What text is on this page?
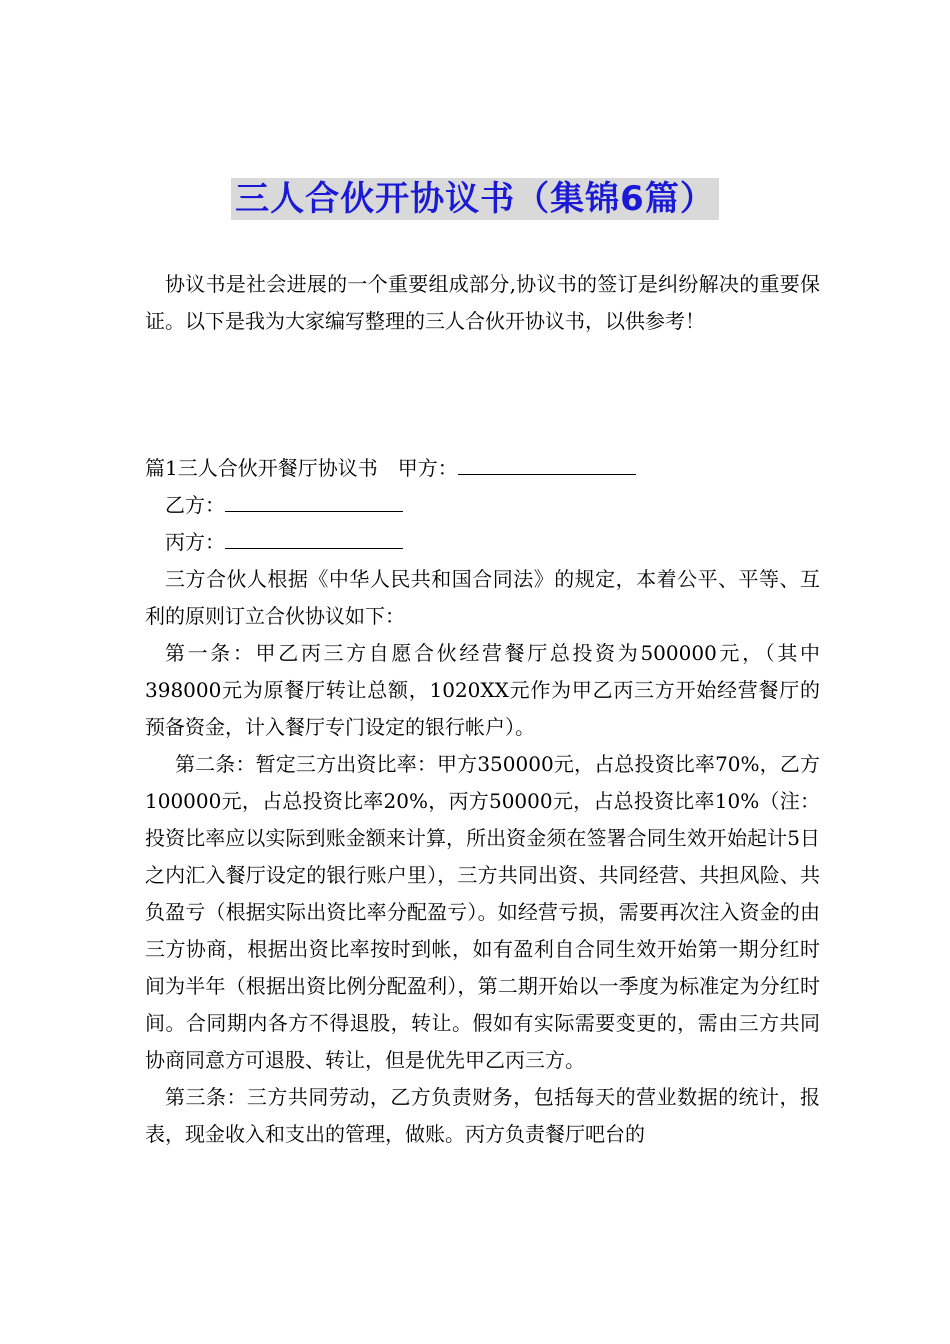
三人合伙开协议书（集锦6篇）

协议书是社会进展的一个重要组成部分,协议书的签订是纠纷解决的重要保证。以下是我为大家编写整理的三人合伙开协议书，以供参考！

篇1三人合伙开餐厅协议书　 甲方：

乙方：

丙方：

三方合伙人根据《中华人民共和国合同法》的规定，本着公平、平等、互利的原则订立合伙协议如下：

第一条：甲乙丙三方自愿合伙经营餐厅总投资为500000元，（其中398000元为原餐厅转让总额，1020XX元作为甲乙丙三方开始经营餐厅的预备资金，计入餐厅专门设定的银行帐户）。

第二条：暂定三方出资比率：甲方350000元，占总投资比率70%，乙方100000元，占总投资比率20%，丙方50000元，占总投资比率10%（注：投资比率应以实际到账金额来计算，所出资金须在签署合同生效开始起计5日之内汇入餐厅设定的银行账户里），三方共同出资、共同经营、共担风险、共负盈亏（根据实际出资比率分配盈亏）。如经营亏损，需要再次注入资金的由三方协商，根据出资比率按时到帐，如有盈利自合同生效开始第一期分红时间为半年（根据出资比例分配盈利），第二期开始以一季度为标准定为分红时间。合同期内各方不得退股，转让。假如有实际需要变更的，需由三方共同协商同意方可退股、转让，但是优先甲乙丙三方。

第三条：三方共同劳动，乙方负责财务，包括每天的营业数据的统计，报表，现金收入和支出的管理，做账。丙方负责餐厅吧台的
